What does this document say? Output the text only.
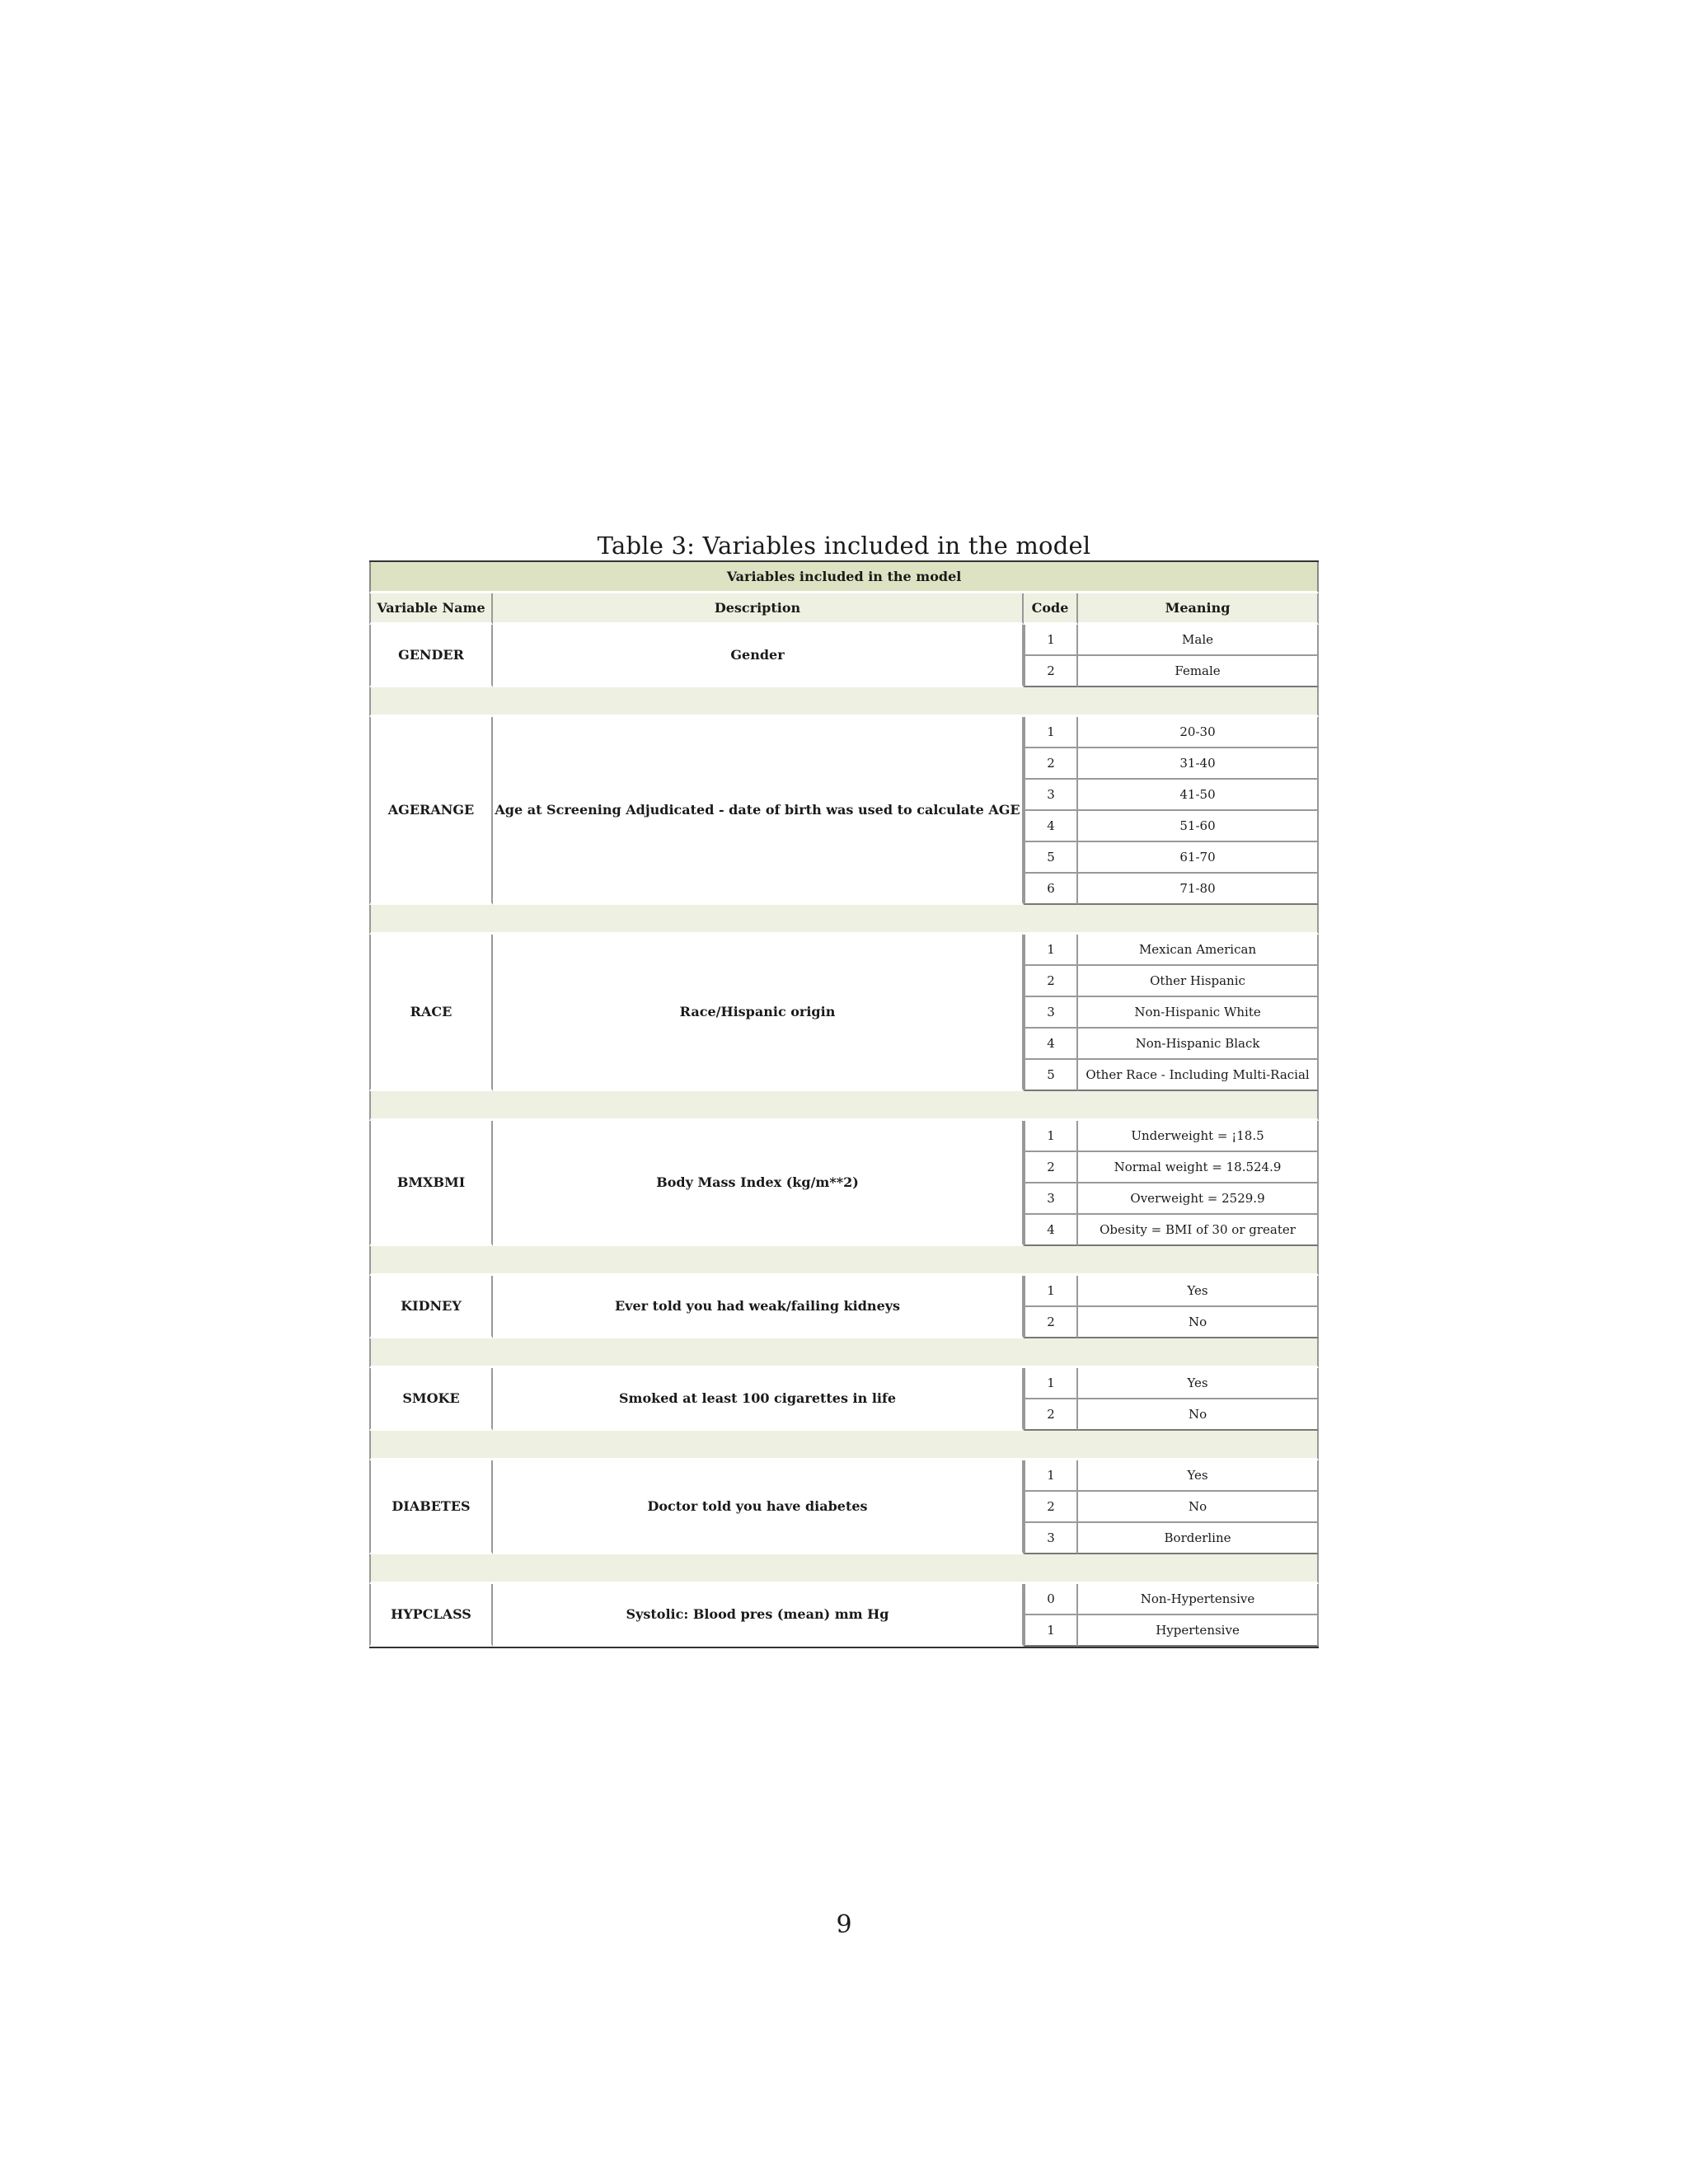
Table 3: Variables included in the model
Variables included in the model			
Variable Name	Description	Code	Meaning
GENDER	Gender	1	Male
		2	Female

AGERANGE	Age at Screening Adjudicated - date of birth was used to calculate AGE	1	20-30
		2	31-40
		3	41-50
		4	51-60
		5	61-70
		6	71-80

RACE	Race/Hispanic origin	1	Mexican American
		2	Other Hispanic
		3	Non-Hispanic White
		4	Non-Hispanic Black
		5	Other Race - Including Multi-Racial

BMXBMI	Body Mass Index (kg/m**2)	1	Underweight = ¡18.5
		2	Normal weight = 18.524.9
		3	Overweight = 2529.9
		4	Obesity = BMI of 30 or greater

KIDNEY	Ever told you had weak/failing kidneys	1	Yes
		2	No

SMOKE	Smoked at least 100 cigarettes in life	1	Yes
		2	No

DIABETES	Doctor told you have diabetes	1	Yes
		2	No
		3	Borderline

HYPCLASS	Systolic: Blood pres (mean) mm Hg	0	Non-Hypertensive
		1	Hypertensive
9
